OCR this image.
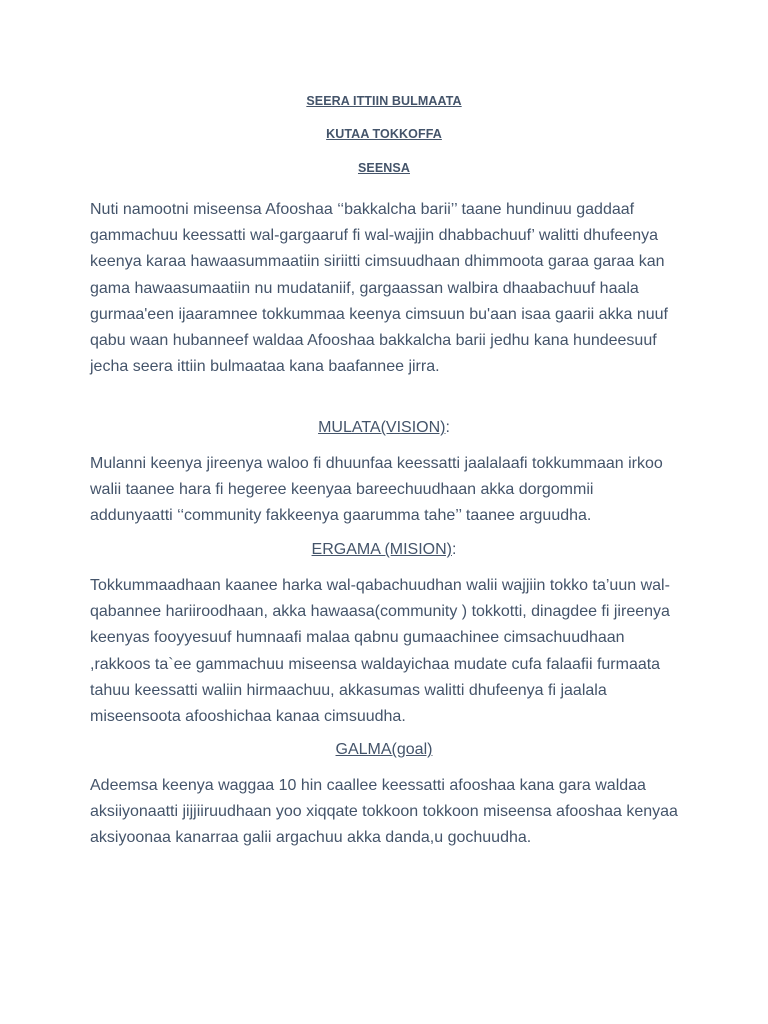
SEERA ITTIIN BULMAATA
KUTAA TOKKOFFA
SEENSA

Nuti namootni miseensa Afooshaa ‘‘bakkalcha barii’’ taane hundinuu gaddaaf gammachuu keessatti wal-gargaaruf fi wal-wajjin dhabbachuuf’ walitti dhufeenya keenya karaa hawaasummaatiin siriitti cimsuudhaan dhimmoota garaa garaa kan gama hawaasumaatiin nu mudataniif, gargaassan walbira dhaabachuuf haala gurmaa'een ijaaramnee tokkummaa keenya cimsuun bu'aan isaa gaarii akka nuuf qabu waan hubanneef waldaa Afooshaa bakkalcha barii jedhu kana hundeesuuf jecha seera ittiin bulmaataa kana baafannee jirra.

MULATA(VISION):

Mulanni keenya jireenya waloo fi dhuunfaa keessatti jaalalaafi tokkummaan irkoo walii taanee hara fi hegeree keenyaa bareechuudhaan akka dorgommii addunyaatti ‘‘community fakkeenya gaarumma tahe’’ taanee arguudha.

ERGAMA (MISION):

Tokkummaadhaan kaanee harka wal-qabachuudhan walii wajjiin tokko ta’uun wal-qabannee hariiroodhaan, akka hawaasa(community ) tokkotti, dinagdee fi jireenya keenyas fooyyesuuf humnaafi malaa qabnu gumaachinee cimsachuudhaan ,rakkoos ta`ee gammachuu miseensa waldayichaa mudate cufa falaafii furmaata tahuu keessatti waliin hirmaachuu, akkasumas walitti dhufeenya fi jaalala miseensoota afooshichaa kanaa cimsuudha.

GALMA(goal)

Adeemsa keenya waggaa 10 hin caallee keessatti afooshaa kana gara waldaa aksiiyonaatti jijjiiruudhaan yoo xiqqate tokkoon tokkoon miseensa afooshaa kenyaa aksiyoonaa kanarraa galii argachuu akka danda,u gochuudha.
